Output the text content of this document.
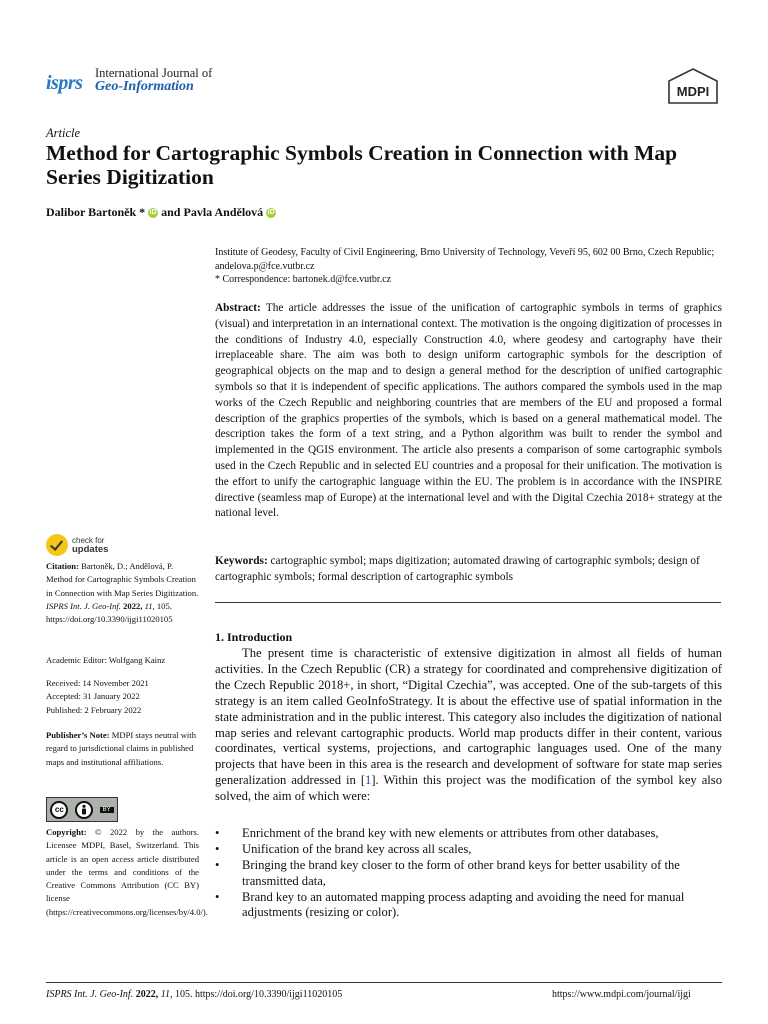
isprs International Journal of
Geo-Information	MDPI
Article
Method for Cartographic Symbols Creation in Connection with Map Series Digitization
Dalibor Bartoněk * iD and Pavla Andělová iD

Institute of Geodesy, Faculty of Civil Engineering, Brno University of Technology, Veveří 95, 602 00 Brno, Czech Republic; andelova.p@fce.vutbr.cz

* Correspondence: bartonek.d@fce.vutbr.cz

Abstract: The article addresses the issue of the unification of cartographic symbols in terms of graphics (visual) and interpretation in an international context. The motivation is the ongoing digitization of processes in the conditions of Industry 4.0, especially Construction 4.0, where geodesy and cartography have their irreplaceable share. The aim was both to design uniform cartographic symbols for the description of geographical objects on the map and to design a general method for the description of unified cartographic symbols so that it is independent of specific applications. The authors compared the symbols used in the map works of the Czech Republic and neighboring countries that are members of the EU and proposed a formal description of the graphics properties of the symbols, which is based on a general mathematical model. The description takes the form of a text string, and a Python algorithm was built to render the symbol and implemented in the QGIS environment. The article also presents a comparison of some cartographic symbols used in the Czech Republic and in selected EU countries and a proposal for their unification. The motivation is the effort to unify the cartographic language within the EU. The problem is in accordance with the INSPIRE directive (seamless map of Europe) at the international level and with the Digital Czechia 2018+ strategy at the national level.
Keywords: cartographic symbol; maps digitization; automated drawing of cartographic symbols; design of cartographic symbols; formal description of cartographic symbols
1. Introduction
The present time is characteristic of extensive digitization in almost all fields of human activities. In the Czech Republic (CR) a strategy for coordinated and comprehensive digitization of the Czech Republic 2018+, in short, “Digital Czechia”, was accepted. One of the sub-targets of this strategy is an item called GeoInfoStrategy. It is about the effective use of spatial information in the state administration and in the public interest. This category also includes the digitization of national map series and relevant cartographic products. World map products differ in their content, various coordinates, vertical systems, projections, and cartographic languages used. One of the many projects that have been in this area is the research and development of software for state map series generalization addressed in [1]. Within this project was the modification of the symbol key also solved, the aim of which were:
• Enrichment of the brand key with new elements or attributes from other databases,
• Unification of the brand key across all scales,
• Bringing the brand key closer to the form of other brand keys for better usability of the transmitted data,
• Brand key to an automated mapping process adapting and avoiding the need for manual adjustments (resizing or color).
check for
updates

Citation: Bartoněk, D.; Andělová, P. Method for Cartographic Symbols Creation in Connection with Map Series Digitization. ISPRS Int. J. Geo-Inf. 2022, 11, 105. https://doi.org/10.3390/ijgi11020105

Academic Editor: Wolfgang Kainz

Received: 14 November 2021

Accepted: 31 January 2022

Published: 2 February 2022

Publisher’s Note: MDPI stays neutral with regard to jurisdictional claims in published maps and institutional affiliations.

cc	BY

Copyright: © 2022 by the authors. Licensee MDPI, Basel, Switzerland. This article is an open access article distributed under the terms and conditions of the Creative Commons Attribution (CC BY) license (https://creativecommons.org/licenses/by/4.0/).

ISPRS Int. J. Geo-Inf. 2022, 11, 105. https://doi.org/10.3390/ijgi11020105	https://www.mdpi.com/journal/ijgi
